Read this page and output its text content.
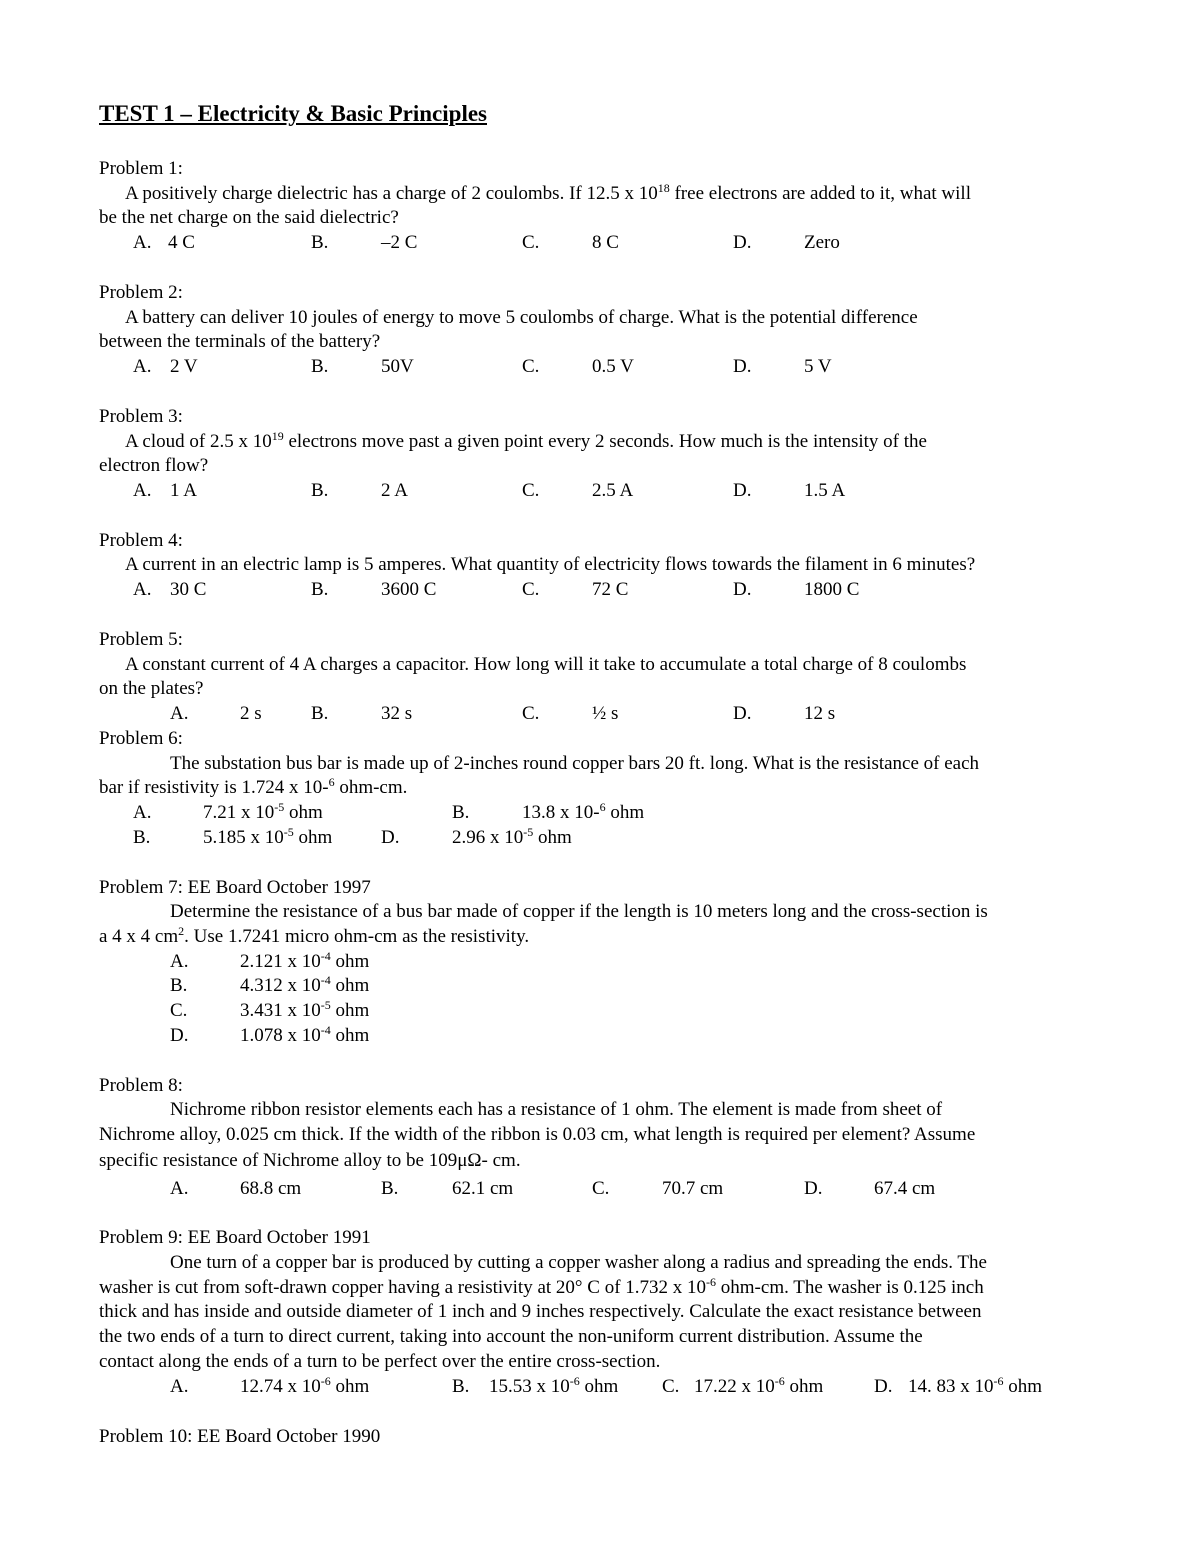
TEST 1 – Electricity & Basic Principles
Problem 1:
A positively charge dielectric has a charge of 2 coulombs. If 12.5 x $10^{18}$ free electrons are added to it, what will
be the net charge on the said dielectric?
A. 4 C	B.	–2 C	C.	8 C	D.	Zero
Problem 2:
A battery can deliver 10 joules of energy to move 5 coulombs of charge. What is the potential difference
between the terminals of the battery?
A. 2 V	B.	50V	C.	0.5 V	D.	5 V
Problem 3:
A cloud of 2.5 x $10^{19}$ electrons move past a given point every 2 seconds. How much is the intensity of the
electron flow?
A. 1 A	B.	2 A	C.	2.5 A	D.	1.5 A
Problem 4:
A current in an electric lamp is 5 amperes. What quantity of electricity flows towards the filament in 6 minutes?
A. 30 C	B.	3600 C	C.	72 C	D.	1800 C
Problem 5:
A constant current of 4 A charges a capacitor. How long will it take to accumulate a total charge of 8 coulombs
on the plates?
A.	2 s	B.	32 s	C.	½ s	D.	12 s
Problem 6:
The substation bus bar is made up of 2-inches round copper bars 20 ft. long. What is the resistance of each
bar if resistivity is 1.724 x 10-$^6$ ohm-cm.
A.	7.21 x $10^{-5}$ ohm	B.	13.8 x 10-$^6$ ohm
B.	5.185 x $10^{-5}$ ohm	D.	2.96 x $10^{-5}$ ohm
Problem 7: EE Board October 1997
Determine the resistance of a bus bar made of copper if the length is 10 meters long and the cross-section is
a 4 x 4 $cm^2$. Use 1.7241 micro ohm-cm as the resistivity.
A.	2.121 x $10^{-4}$ ohm
B.	4.312 x $10^{-4}$ ohm
C.	3.431 x $10^{-5}$ ohm
D.	1.078 x $10^{-4}$ ohm
Problem 8:
Nichrome ribbon resistor elements each has a resistance of 1 ohm. The element is made from sheet of
Nichrome alloy, 0.025 cm thick. If the width of the ribbon is 0.03 cm, what length is required per element? Assume
specific resistance of Nichrome alloy to be 109μΩ- cm.
A.	68.8 cm	B.	62.1 cm	C.	70.7 cm	D.	67.4 cm
Problem 9: EE Board October 1991
One turn of a copper bar is produced by cutting a copper washer along a radius and spreading the ends. The
washer is cut from soft-drawn copper having a resistivity at 20° C of 1.732 x $10^{-6}$ ohm-cm. The washer is 0.125 inch
thick and has inside and outside diameter of 1 inch and 9 inches respectively. Calculate the exact resistance between
the two ends of a turn to direct current, taking into account the non-uniform current distribution. Assume the
contact along the ends of a turn to be perfect over the entire cross-section.
A.	12.74 x $10^{-6}$ ohm	B. 15.53 x $10^{-6}$ ohm C. 17.22 x $10^{-6}$ ohm	D. 14. 83 x $10^{-6}$ ohm
Problem 10: EE Board October 1990
